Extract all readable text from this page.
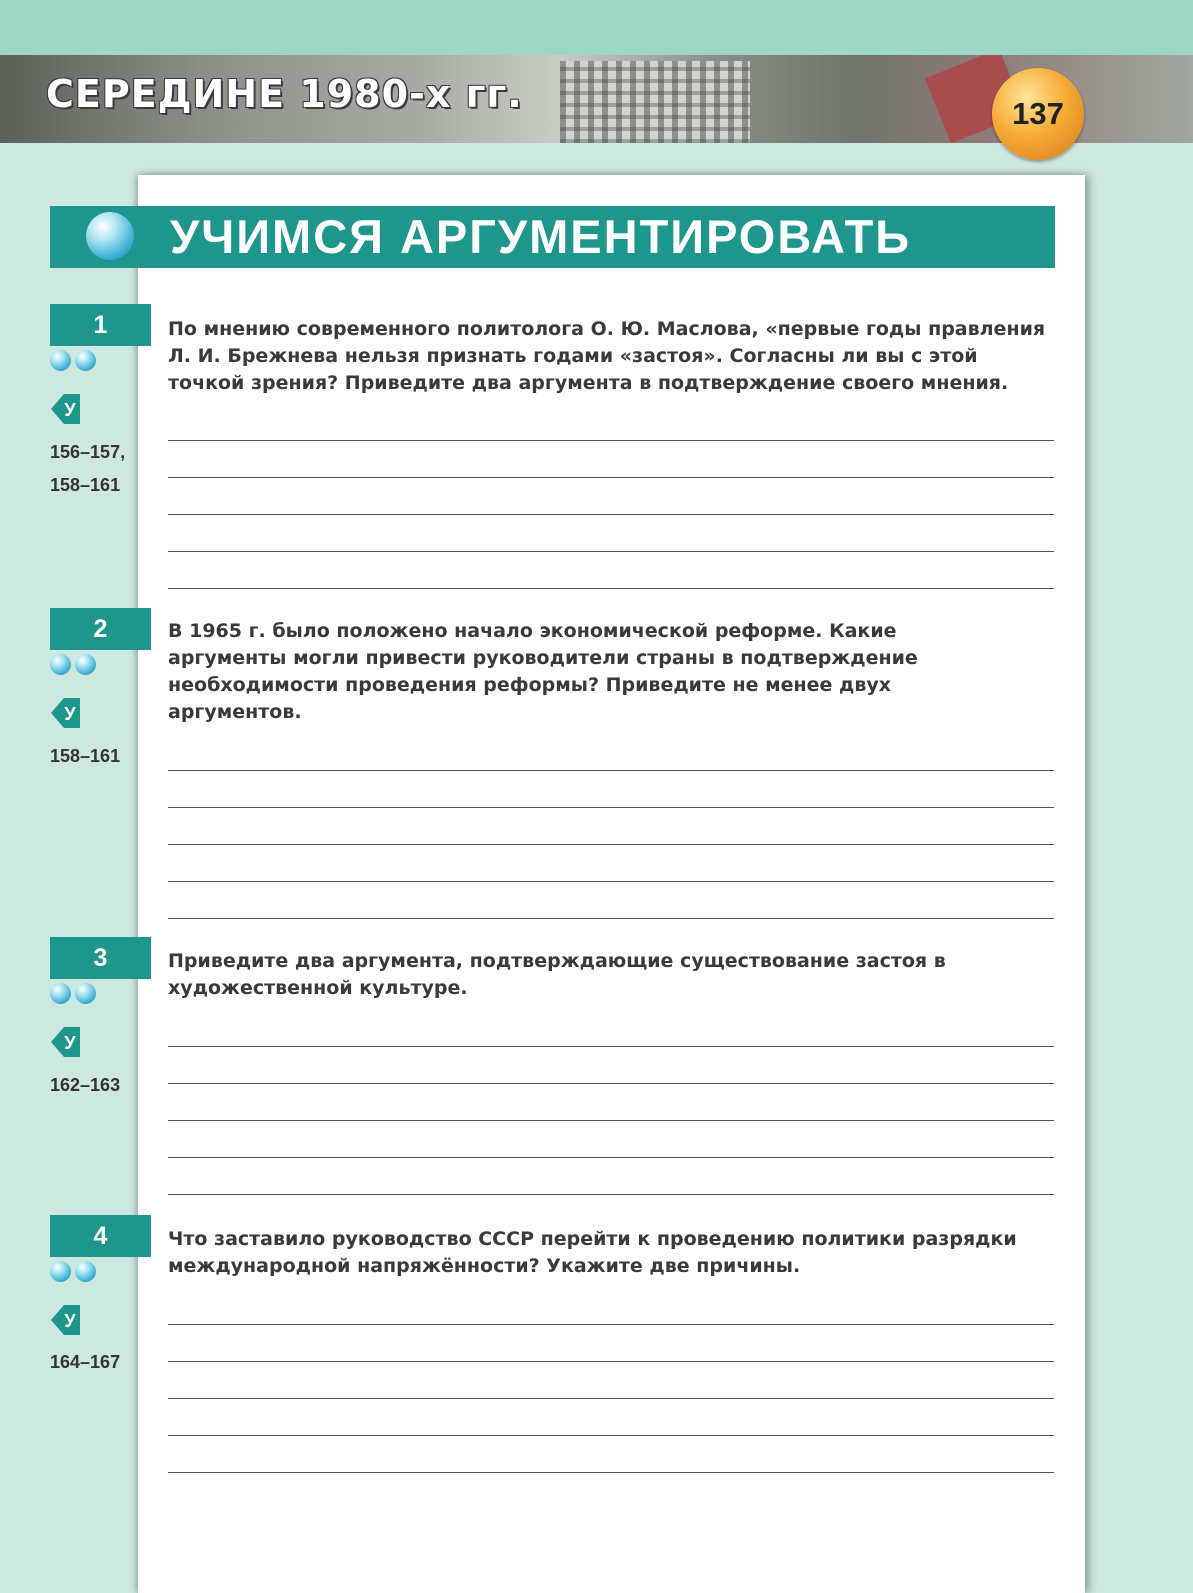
СЕРЕДИНЕ 1980-х гг.	137
УЧИМСЯ АРГУМЕНТИРОВАТЬ
1
У

156–157,
158–161

По мнению современного политолога О. Ю. Маслова, «первые годы правления Л. И. Брежнева нельзя признать годами «застоя». Согласны ли вы с этой точкой зрения? Приведите два аргумента в подтверждение своего мнения.

2
У

158–161

В 1965 г. было положено начало экономической реформе. Какие аргументы могли привести руководители страны в подтверждение необходимости проведения реформы? Приведите не менее двух аргументов.

3
У

162–163

Приведите два аргумента, подтверждающие существование застоя в художественной культуре.

4
У

164–167

Что заставило руководство СССР перейти к проведению политики разрядки международной напряжённости? Укажите две причины.
